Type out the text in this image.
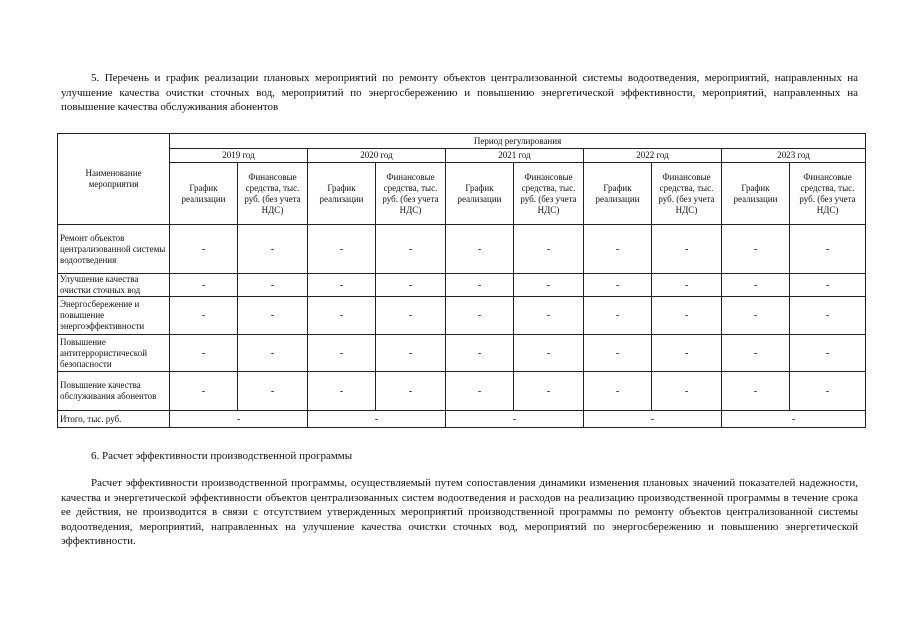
5. Перечень и график реализации плановых мероприятий по ремонту объектов централизованной системы водоотведения, мероприятий, направленных на улучшение качества очистки сточных вод, мероприятий по энергосбережению и повышению энергетической эффективности, мероприятий, направленных на повышение качества обслуживания абонентов
Наименование мероприятия	Период регулирования									
	2019 год		2020 год		2021 год		2022 год		2023 год	
	График реализации	Финансовые средства, тыс. руб. (без учета НДС)	График реализации	Финансовые средства, тыс. руб. (без учета НДС)	График реализации	Финансовые средства, тыс. руб. (без учета НДС)	График реализации	Финансовые средства, тыс. руб. (без учета НДС)	График реализации	Финансовые средства, тыс. руб. (без учета НДС)
Ремонт объектов централизованной системы водоотведения	-	-	-	-	-	-	-	-	-	-
Улучшение качества очистки сточных вод	-	-	-	-	-	-	-	-	-	-
Энергосбережение и повышение энергоэффективности	-	-	-	-	-	-	-	-	-	-
Повышение антитеррористической безопасности	-	-	-	-	-	-	-	-	-	-
Повышение качества обслуживания абонентов	-	-	-	-	-	-	-	-	-	-
Итого, тыс. руб.	-		-		-		-		-	
6. Расчет эффективности производственной программы
Расчет эффективности производственной программы, осуществляемый путем сопоставления динамики изменения плановых значений показателей надежности, качества и энергетической эффективности объектов централизованных систем водоотведения и расходов на реализацию производственной программы в течение срока ее действия, не производится в связи с отсутствием утвержденных мероприятий производственной программы по ремонту объектов централизованной системы водоотведения, мероприятий, направленных на улучшение качества очистки сточных вод, мероприятий по энергосбережению и повышению энергетической эффективности.
